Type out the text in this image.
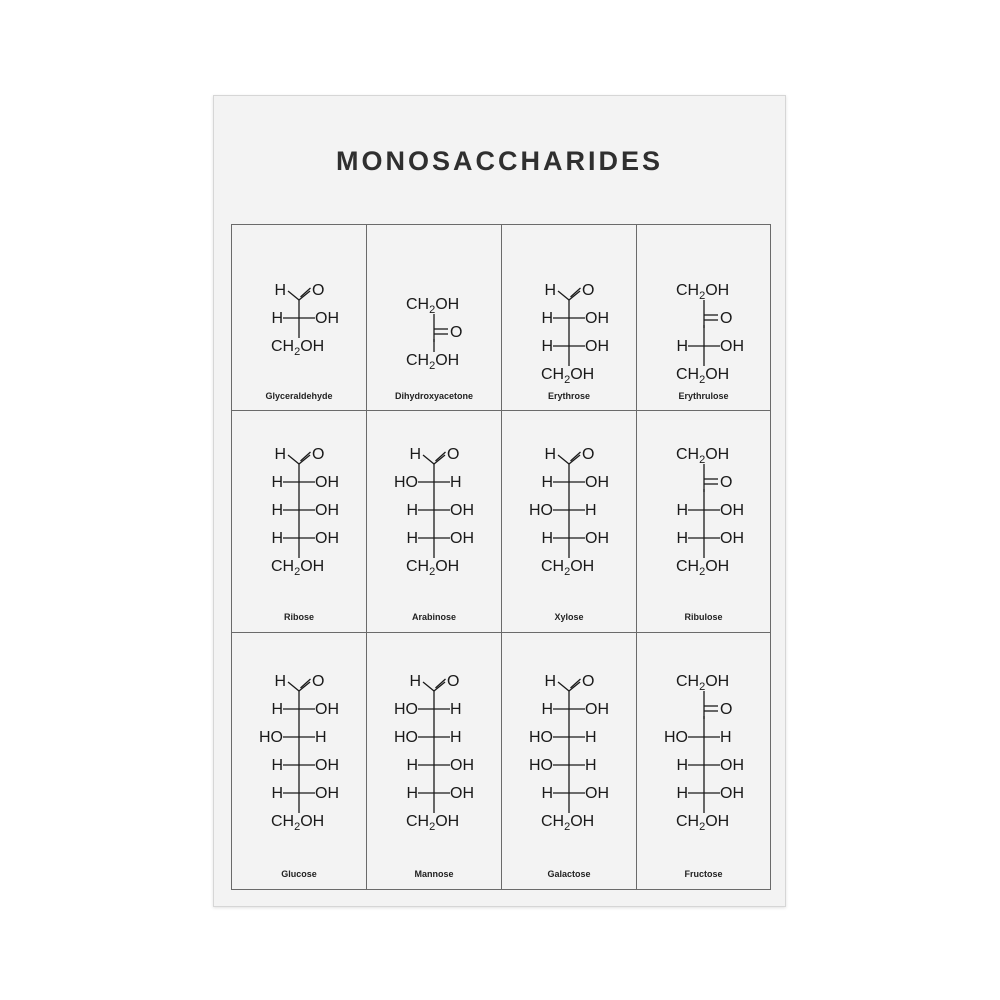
MONOSACCHARIDES
H O
H OH
$CH_2OH$
Glyceraldehyde
$CH_2OH$
O
$CH_2OH$
Dihydroxyacetone
H O
H OH
H OH
$CH_2OH$
Erythrose
$CH_2OH$
O
H OH
$CH_2OH$
Erythrulose
H O
H OH
H OH
H OH
$CH_2OH$
Ribose
H O
HO H
H OH
H OH
$CH_2OH$
Arabinose
H O
H OH
HO H
H OH
$CH_2OH$
Xylose
$CH_2OH$
O
H OH
H OH
$CH_2OH$
Ribulose
H O
H OH
HO H
H OH
H OH
$CH_2OH$
Glucose
H O
HO H
HO H
H OH
H OH
$CH_2OH$
Mannose
H O
H OH
HO H
HO H
H OH
$CH_2OH$
Galactose
$CH_2OH$
O
HO H
H OH
H OH
$CH_2OH$
Fructose
